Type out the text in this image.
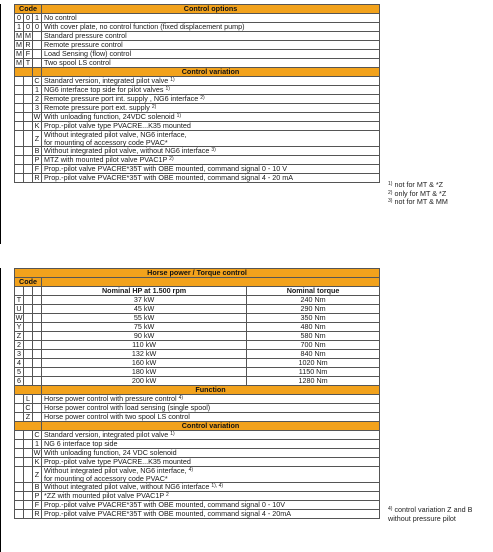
Code			Control options
0	0	1	No control
1	0	0	With cover plate, no control function (fixed displacement pump)
M	M		Standard pressure control
M	R		Remote pressure control
M	F		Load Sensing (flow) control
M	T		Two spool LS control
			Control variation
		C	Standard version, integrated pilot valve $^{1)}$
		1	NG6 interface top side for pilot valves $^{1)}$
		2	Remote pressure port int. supply , NG6 interface $^{2)}$
		3	Remote pressure port ext. supply $^{2)}$
		W	With unloading function, 24VDC solenoid $^{1)}$
		K	Prop.-pilot valve type PVACRE...K35 mounted
		Z	Without integrated pilot valve, NG6 interface,
for mounting of accessory code PVAC*
		B	Without integrated pilot valve, without NG6 interface $^{3)}$
		P	MTZ with mounted pilot valve PVAC1P $^{2)}$
		F	Prop.-pilot valve PVACRE*35T with OBE mounted, command signal 0 - 10 V
		R	Prop.-pilot valve PVACRE*35T with OBE mounted, command signal 4 - 20 mA
$^{1)}$ not for MT & *Z
$^{2)}$ only for MT & *Z
$^{3)}$ not for MT & MM
Horse power / Torque control				
Code				
			Nominal HP at 1.500 rpm	Nominal torque
T			37 kW	240 Nm
U			45 kW	290 Nm
W			55 kW	350 Nm
Y			75 kW	480 Nm
Z			90 kW	580 Nm
2			110 kW	700 Nm
3			132 kW	840 Nm
4			160 kW	1020 Nm
5			180 kW	1150 Nm
6			200 kW	1280 Nm
			Function	
	L		Horse power control with pressure control $^{4)}$
	C		Horse power control with load sensing (single spool)	
	Z		Horse power control with two spool LS control	
			Control variation	
		C	Standard version, integrated pilot valve $^{1)}$
		1	NG 6 interface top side	
		W	With unloading function, 24 VDC solenoid	
		K	Prop.-pilot valve type PVACRE...K35 mounted	
		Z	Without integrated pilot valve, NG6 interface, $^{4)}$
for mounting of accessory code PVAC*	
		B	Without integrated pilot valve, without NG6 interface $^{1), 4)}$
		P	*ZZ with mounted pilot valve PVAC1P $^2$
		F	Prop.-pilot valve PVACRE*35T with OBE mounted, command signal 0 - 10V	
		R	Prop.-pilot valve PVACRE*35T with OBE mounted, command signal 4 - 20mA	
$^{4)}$ control variation Z and B without pressure pilot
